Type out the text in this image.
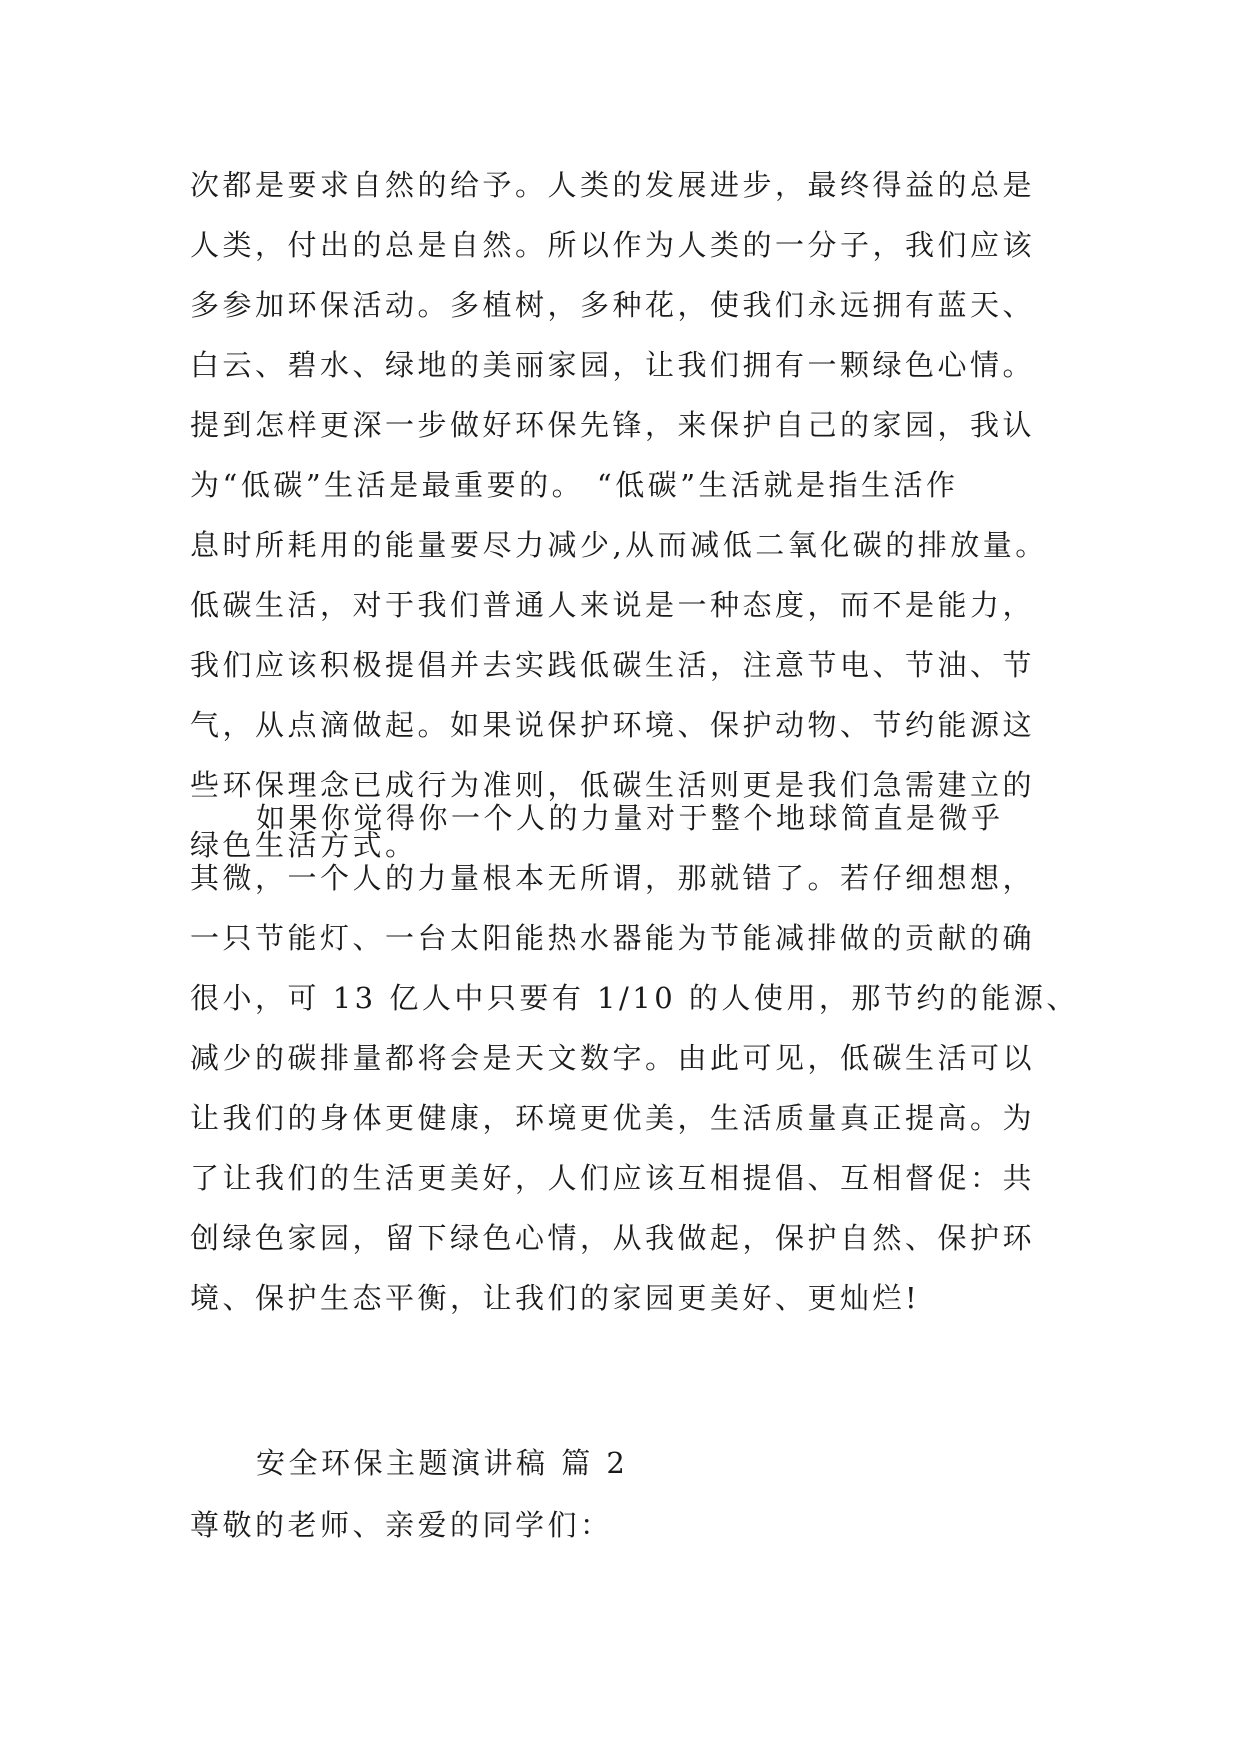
次都是要求自然的给予。人类的发展进步，最终得益的总是
人类，付出的总是自然。所以作为人类的一分子，我们应该
多参加环保活动。多植树，多种花，使我们永远拥有蓝天、
白云、碧水、绿地的美丽家园，让我们拥有一颗绿色心情。
提到怎样更深一步做好环保先锋，来保护自己的家园，我认
为“低碳”生活是最重要的。 “低碳”生活就是指生活作
息时所耗用的能量要尽力减少,从而减低二氧化碳的排放量。
低碳生活，对于我们普通人来说是一种态度，而不是能力，
我们应该积极提倡并去实践低碳生活，注意节电、节油、节
气，从点滴做起。如果说保护环境、保护动物、节约能源这
些环保理念已成行为准则，低碳生活则更是我们急需建立的
绿色生活方式。
如果你觉得你一个人的力量对于整个地球简直是微乎
其微，一个人的力量根本无所谓，那就错了。若仔细想想，
一只节能灯、一台太阳能热水器能为节能减排做的贡献的确
很小，可 13 亿人中只要有 1/10 的人使用，那节约的能源、
减少的碳排量都将会是天文数字。由此可见，低碳生活可以
让我们的身体更健康，环境更优美，生活质量真正提高。为
了让我们的生活更美好，人们应该互相提倡、互相督促：共
创绿色家园，留下绿色心情，从我做起，保护自然、保护环
境、保护生态平衡，让我们的家园更美好、更灿烂!
安全环保主题演讲稿 篇 2
尊敬的老师、亲爱的同学们：
